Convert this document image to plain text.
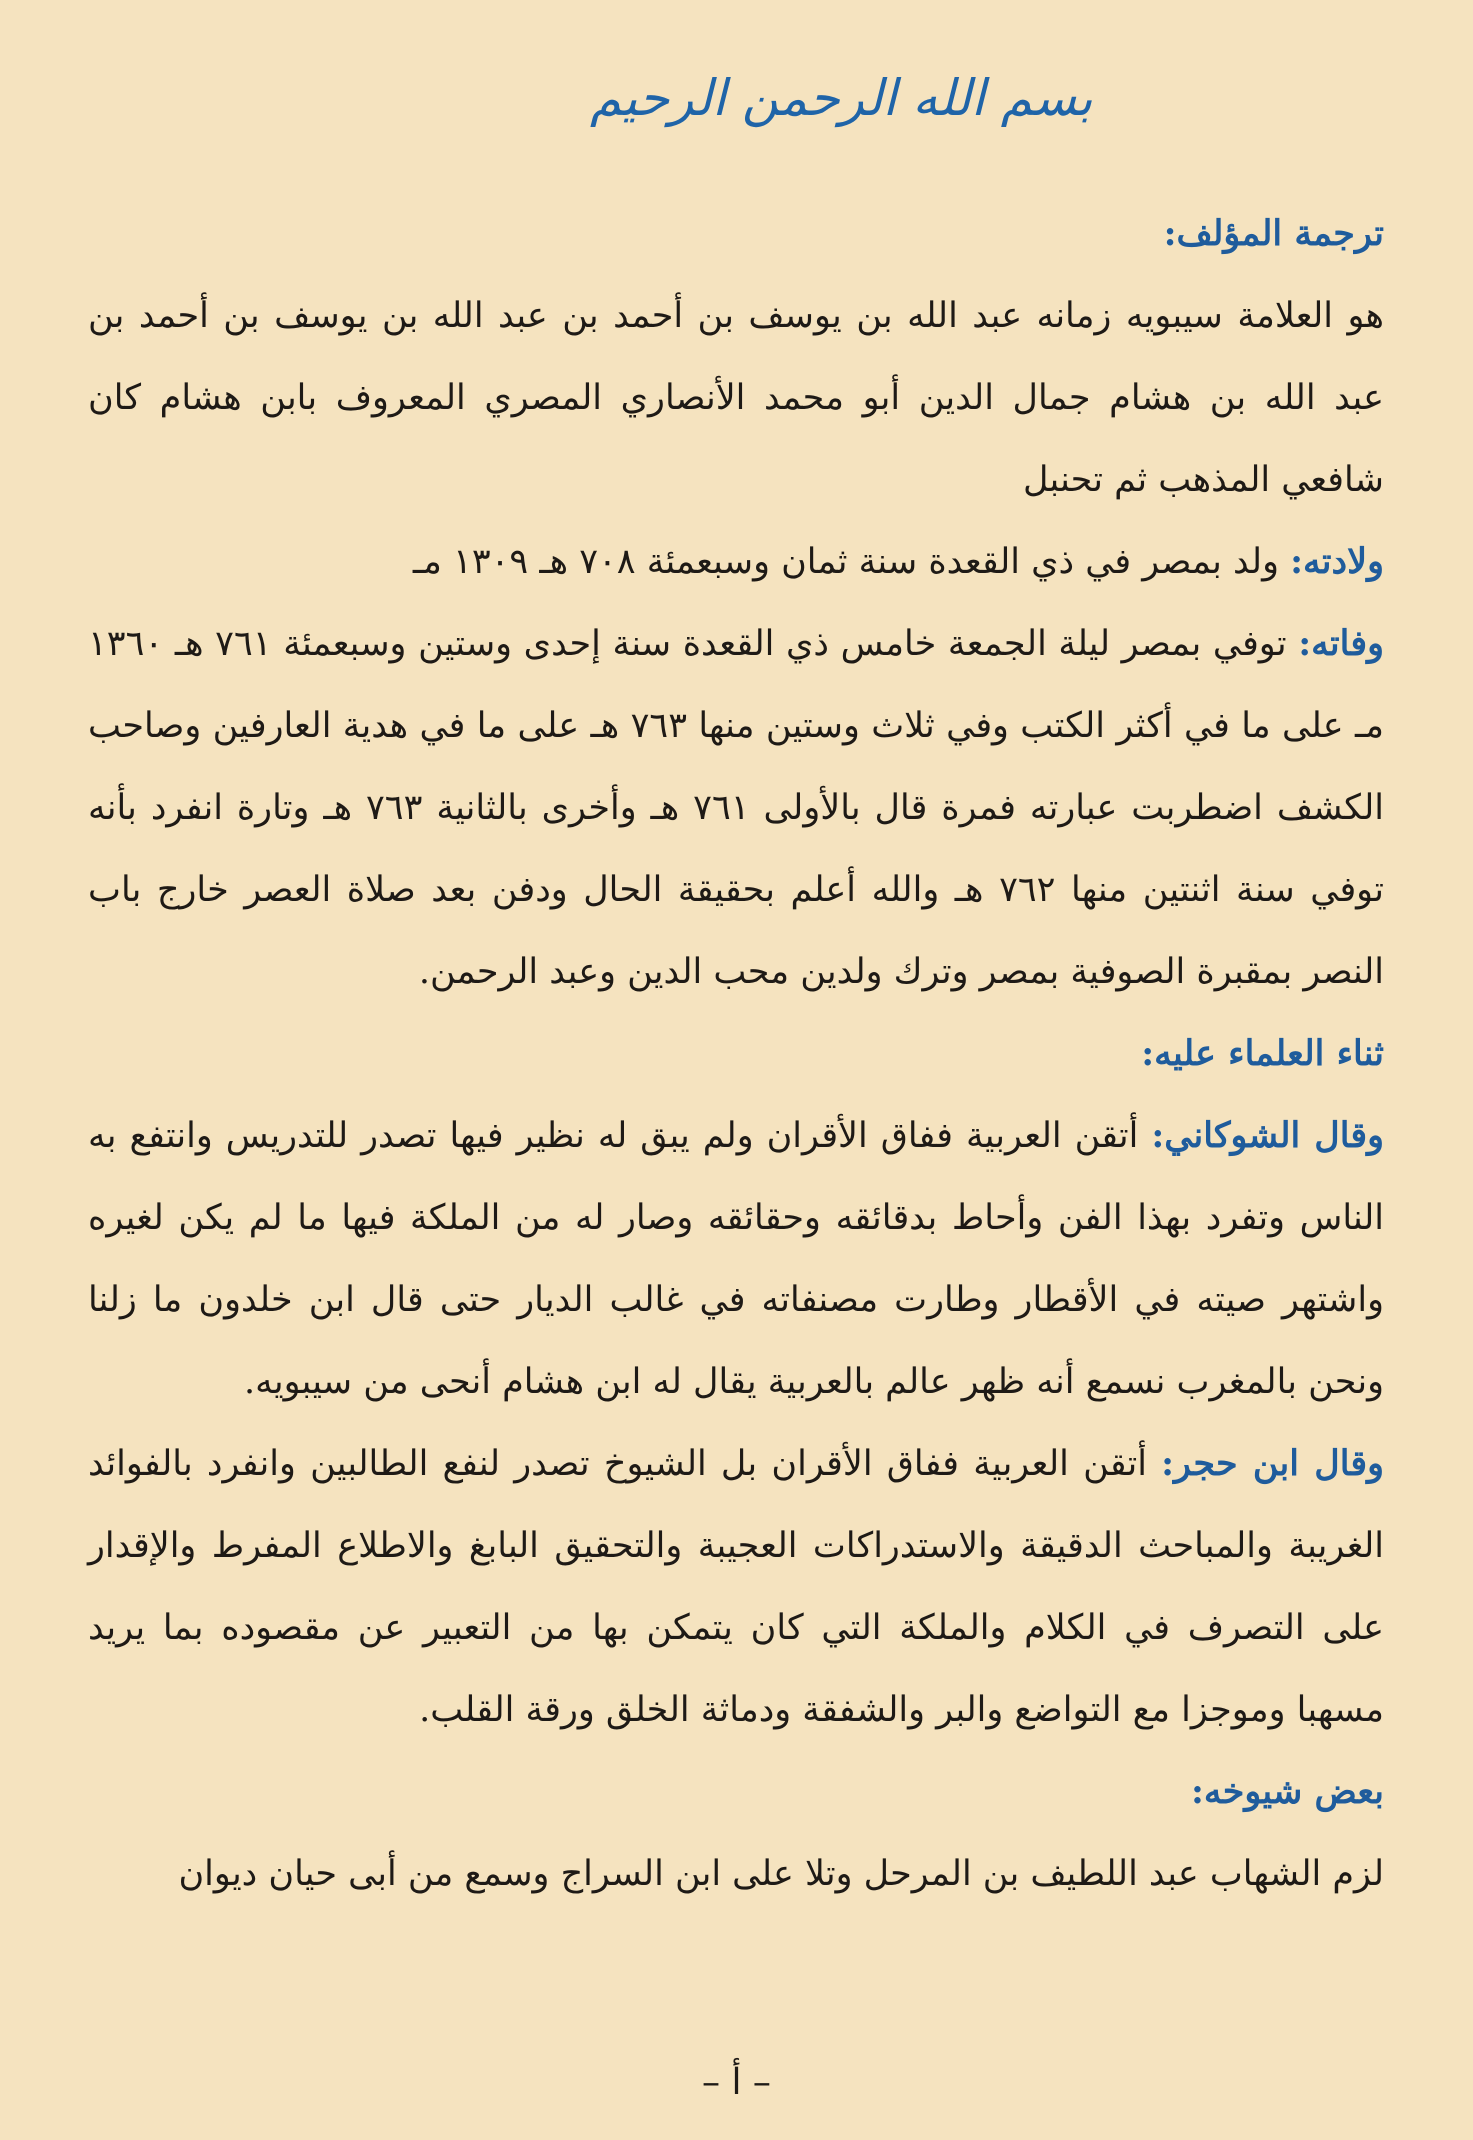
بسم الله الرحمن الرحيم

ترجمة المؤلف:

هو العلامة سيبويه زمانه عبد الله بن يوسف بن أحمد بن عبد الله بن يوسف بن أحمد بن عبد الله بن هشام جمال الدين أبو محمد الأنصاري المصري المعروف بابن هشام كان شافعي المذهب ثم تحنبل

ولادته: ولد بمصر في ذي القعدة سنة ثمان وسبعمئة ٧٠٨ هـ ١٣٠٩ مـ

وفاته: توفي بمصر ليلة الجمعة خامس ذي القعدة سنة إحدى وستين وسبعمئة ٧٦١ هـ ١٣٦٠ مـ على ما في أكثر الكتب وفي ثلاث وستين منها ٧٦٣ هـ على ما في هدية العارفين وصاحب الكشف اضطربت عبارته فمرة قال بالأولى ٧٦١ هـ وأخرى بالثانية ٧٦٣ هـ وتارة انفرد بأنه توفي سنة اثنتين منها ٧٦٢ هـ والله أعلم بحقيقة الحال ودفن بعد صلاة العصر خارج باب النصر بمقبرة الصوفية بمصر وترك ولدين محب الدين وعبد الرحمن.

ثناء العلماء عليه:

وقال الشوكاني: أتقن العربية ففاق الأقران ولم يبق له نظير فيها تصدر للتدريس وانتفع به الناس وتفرد بهذا الفن وأحاط بدقائقه وحقائقه وصار له من الملكة فيها ما لم يكن لغيره واشتهر صيته في الأقطار وطارت مصنفاته في غالب الديار حتى قال ابن خلدون ما زلنا ونحن بالمغرب نسمع أنه ظهر عالم بالعربية يقال له ابن هشام أنحى من سيبويه.

وقال ابن حجر: أتقن العربية ففاق الأقران بل الشيوخ تصدر لنفع الطالبين وانفرد بالفوائد الغريبة والمباحث الدقيقة والاستدراكات العجيبة والتحقيق البابغ والاطلاع المفرط والإقدار على التصرف في الكلام والملكة التي كان يتمكن بها من التعبير عن مقصوده بما يريد مسهبا وموجزا مع التواضع والبر والشفقة ودماثة الخلق ورقة القلب.

بعض شيوخه:

لزم الشهاب عبد اللطيف بن المرحل وتلا على ابن السراج وسمع من أبى حيان ديوان

– أ –
